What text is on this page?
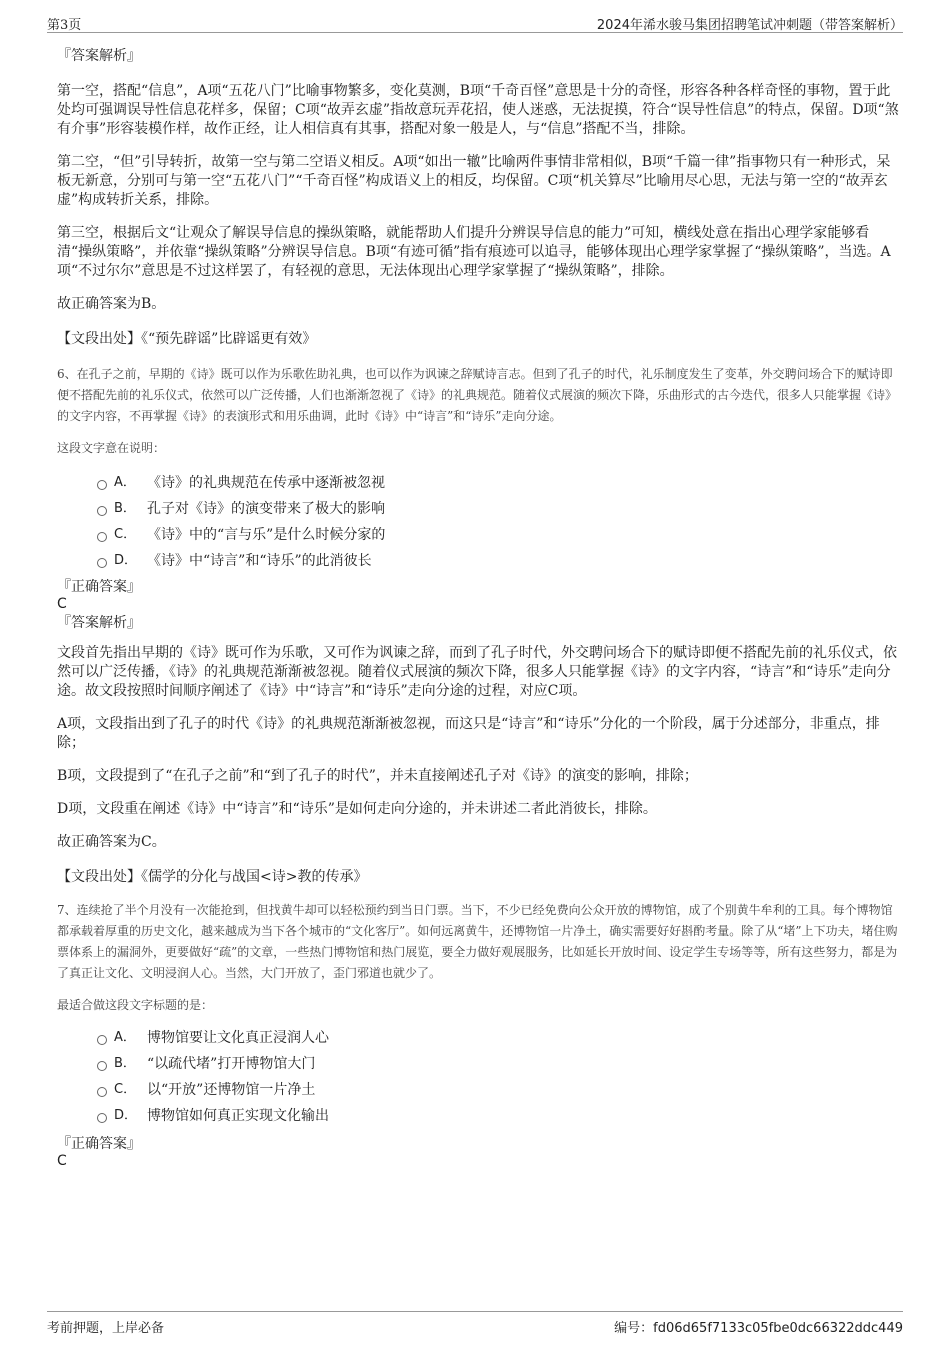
第3页	2024年浠水骏马集团招聘笔试冲刺题（带答案解析）

『答案解析』

第一空，搭配“信息”，A项“五花八门”比喻事物繁多，变化莫测，B项“千奇百怪”意思是十分的奇怪，形容各种各样奇怪的事物，置于此处均可强调误导性信息花样多，保留；C项“故弄玄虚”指故意玩弄花招，使人迷惑，无法捉摸，符合“误导性信息”的特点，保留。D项“煞有介事”形容装模作样，故作正经，让人相信真有其事，搭配对象一般是人，与“信息”搭配不当，排除。

第二空，“但”引导转折，故第一空与第二空语义相反。A项“如出一辙”比喻两件事情非常相似，B项“千篇一律”指事物只有一种形式，呆板无新意，分别可与第一空“五花八门”“千奇百怪”构成语义上的相反，均保留。C项“机关算尽”比喻用尽心思，无法与第一空的“故弄玄虚”构成转折关系，排除。

第三空，根据后文“让观众了解误导信息的操纵策略，就能帮助人们提升分辨误导信息的能力”可知，横线处意在指出心理学家能够看清“操纵策略”，并依靠“操纵策略”分辨误导信息。B项“有迹可循”指有痕迹可以追寻，能够体现出心理学家掌握了“操纵策略”，当选。A项“不过尔尔”意思是不过这样罢了，有轻视的意思，无法体现出心理学家掌握了“操纵策略”，排除。

故正确答案为B。

【文段出处】《“预先辟谣”比辟谣更有效》

6、在孔子之前，早期的《诗》既可以作为乐歌佐助礼典，也可以作为讽谏之辞赋诗言志。但到了孔子的时代，礼乐制度发生了变革，外交聘问场合下的赋诗即便不搭配先前的礼乐仪式，依然可以广泛传播，人们也渐渐忽视了《诗》的礼典规范。随着仪式展演的频次下降，乐曲形式的古今迭代，很多人只能掌握《诗》的文字内容，不再掌握《诗》的表演形式和用乐曲调，此时《诗》中“诗言”和“诗乐”走向分途。

这段文字意在说明：

A． 《诗》的礼典规范在传承中逐渐被忽视
B． 孔子对《诗》的演变带来了极大的影响
C． 《诗》中的“言与乐”是什么时候分家的
D． 《诗》中“诗言”和“诗乐”的此消彼长

『正确答案』

C

『答案解析』

文段首先指出早期的《诗》既可作为乐歌，又可作为讽谏之辞，而到了孔子时代，外交聘问场合下的赋诗即便不搭配先前的礼乐仪式，依然可以广泛传播，《诗》的礼典规范渐渐被忽视。随着仪式展演的频次下降，很多人只能掌握《诗》的文字内容，“诗言”和“诗乐”走向分途。故文段按照时间顺序阐述了《诗》中“诗言”和“诗乐”走向分途的过程，对应C项。

A项，文段指出到了孔子的时代《诗》的礼典规范渐渐被忽视，而这只是“诗言”和“诗乐”分化的一个阶段，属于分述部分，非重点，排除；

B项，文段提到了“在孔子之前”和“到了孔子的时代”，并未直接阐述孔子对《诗》的演变的影响，排除；

D项，文段重在阐述《诗》中“诗言”和“诗乐”是如何走向分途的，并未讲述二者此消彼长，排除。

故正确答案为C。

【文段出处】《儒学的分化与战国<诗>教的传承》

7、连续抢了半个月没有一次能抢到，但找黄牛却可以轻松预约到当日门票。当下，不少已经免费向公众开放的博物馆，成了个别黄牛牟利的工具。每个博物馆都承载着厚重的历史文化，越来越成为当下各个城市的“文化客厅”。如何远离黄牛，还博物馆一片净土，确实需要好好斟酌考量。除了从“堵”上下功夫，堵住购票体系上的漏洞外，更要做好“疏”的文章，一些热门博物馆和热门展览，要全力做好观展服务，比如延长开放时间、设定学生专场等等，所有这些努力，都是为了真正让文化、文明浸润人心。当然，大门开放了，歪门邪道也就少了。

最适合做这段文字标题的是：

A． 博物馆要让文化真正浸润人心
B． “以疏代堵”打开博物馆大门
C． 以“开放”还博物馆一片净土
D． 博物馆如何真正实现文化输出

『正确答案』

C

考前押题，上岸必备	编号：fd06d65f7133c05fbe0dc66322ddc449
